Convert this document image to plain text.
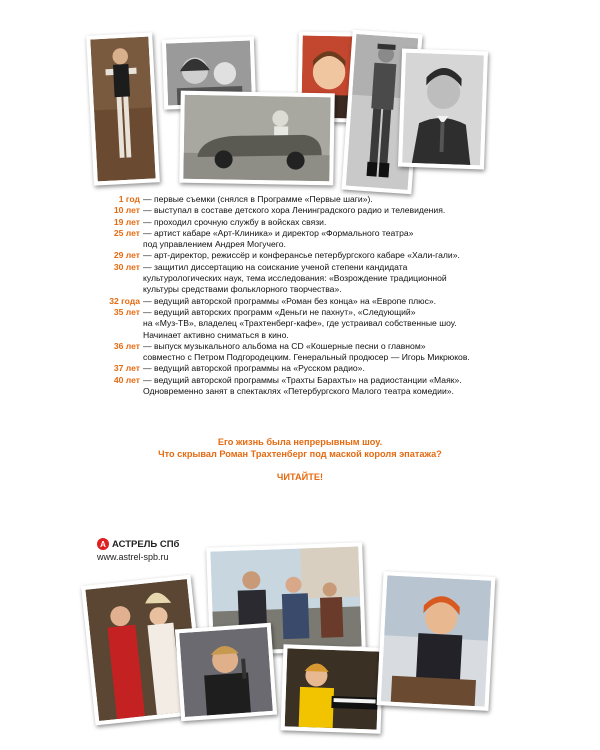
1 год — первые съемки (снялся в Программе «Первые шаги»).
10 лет — выступал в составе детского хора Ленинградского радио и телевидения.
19 лет — проходил срочную службу в войсках связи.
25 лет — артист кабаре «Арт-Клиника» и директор «Формального театра»
под управлением Андрея Могучего.
29 лет — арт-директор, режиссёр и конферансье петербургского кабаре «Хали-гали».
30 лет — защитил диссертацию на соискание ученой степени кандидата
культурологических наук, тема исследования: «Возрождение традиционной
культуры средствами фольклорного творчества».
32 года — ведущий авторской программы «Роман без конца» на «Европе плюс».
35 лет — ведущий авторских программ «Деньги не пахнут», «Следующий»
на «Муз-ТВ», владелец «Трахтенберг-кафе», где устраивал собственные шоу.
Начинает активно сниматься в кино.
36 лет — выпуск музыкального альбома на CD «Кошерные песни о главном»
совместно с Петром Подгородецким. Генеральный продюсер — Игорь Микрюков.
37 лет — ведущий авторской программы на «Русском радио».
40 лет — ведущий авторской программы «Трахты Барахты» на радиостанции «Маяк».
Одновременно занят в спектаклях «Петербургского Малого театра комедии».
Его жизнь была непрерывным шоу.
Что скрывал Роман Трахтенберг под маской короля эпатажа?
ЧИТАЙТЕ!
А АСТРЕЛЬ СПб
www.astrel-spb.ru
